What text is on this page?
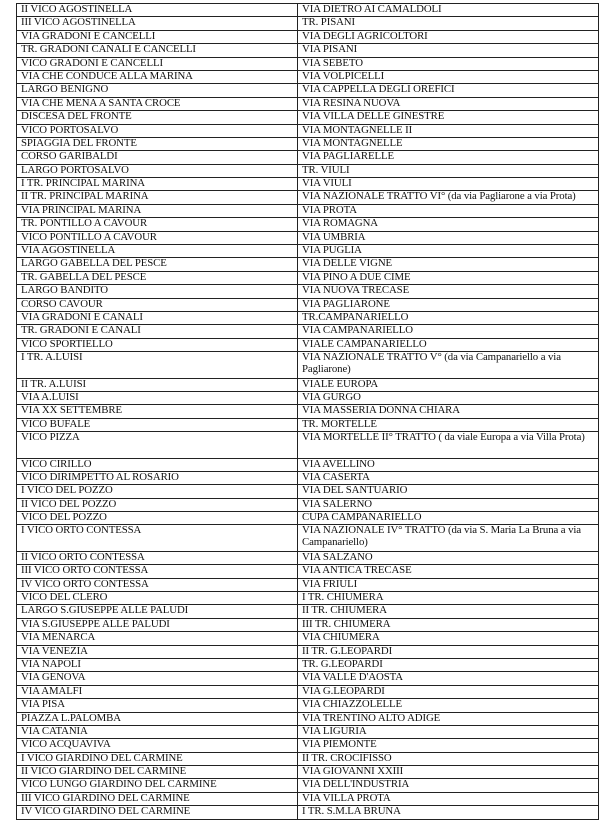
II VICO AGOSTINELLA	VIA DIETRO AI CAMALDOLI
III VICO AGOSTINELLA	TR. PISANI
VIA GRADONI E CANCELLI	VIA DEGLI AGRICOLTORI
TR. GRADONI CANALI E CANCELLI	VIA PISANI
VICO GRADONI E CANCELLI	VIA SEBETO
VIA CHE CONDUCE ALLA MARINA	VIA VOLPICELLI
LARGO BENIGNO	VIA CAPPELLA DEGLI OREFICI
VIA CHE MENA A SANTA CROCE	VIA RESINA NUOVA
DISCESA DEL FRONTE	VIA VILLA DELLE GINESTRE
VICO PORTOSALVO	VIA MONTAGNELLE II
SPIAGGIA DEL FRONTE	VIA MONTAGNELLE
CORSO GARIBALDI	VIA PAGLIARELLE
LARGO PORTOSALVO	TR. VIULI
I TR. PRINCIPAL MARINA	VIA VIULI
II TR. PRINCIPAL MARINA	VIA NAZIONALE TRATTO VI° (da via Pagliarone a via Prota)
VIA PRINCIPAL MARINA	VIA PROTA
TR. PONTILLO A CAVOUR	VIA ROMAGNA
VICO PONTILLO A CAVOUR	VIA UMBRIA
VIA AGOSTINELLA	VIA PUGLIA
LARGO GABELLA DEL PESCE	VIA DELLE VIGNE
TR. GABELLA DEL PESCE	VIA PINO A DUE CIME
LARGO BANDITO	VIA NUOVA TRECASE
CORSO CAVOUR	VIA PAGLIARONE
VIA GRADONI E CANALI	TR.CAMPANARIELLO
TR. GRADONI E CANALI	VIA CAMPANARIELLO
VICO SPORTIELLO	VIALE CAMPANARIELLO
I TR. A.LUISI	VIA NAZIONALE TRATTO V° (da via Campanariello a via Pagliarone)
II TR. A.LUISI	VIALE EUROPA
VIA A.LUISI	VIA GURGO
VIA XX SETTEMBRE	VIA MASSERIA DONNA CHIARA
VICO BUFALE	TR. MORTELLE
VICO PIZZA	VIA MORTELLE II° TRATTO ( da viale Europa a via Villa Prota)
VICO CIRILLO	VIA AVELLINO
VICO DIRIMPETTO AL ROSARIO	VIA CASERTA
I VICO DEL POZZO	VIA DEL SANTUARIO
II VICO DEL POZZO	VIA SALERNO
VICO DEL POZZO	CUPA CAMPANARIELLO
I VICO ORTO CONTESSA	VIA NAZIONALE IV° TRATTO (da via S. Maria La Bruna a via Campanariello)
II VICO ORTO CONTESSA	VIA SALZANO
III VICO ORTO CONTESSA	VIA ANTICA TRECASE
IV VICO ORTO CONTESSA	VIA FRIULI
VICO DEL CLERO	I TR. CHIUMERA
LARGO S.GIUSEPPE ALLE PALUDI	II TR. CHIUMERA
VIA S.GIUSEPPE ALLE PALUDI	III TR. CHIUMERA
VIA MENARCA	VIA CHIUMERA
VIA VENEZIA	II TR. G.LEOPARDI
VIA NAPOLI	TR. G.LEOPARDI
VIA GENOVA	VIA VALLE D'AOSTA
VIA AMALFI	VIA G.LEOPARDI
VIA PISA	VIA CHIAZZOLELLE
PIAZZA L.PALOMBA	VIA TRENTINO ALTO ADIGE
VIA CATANIA	VIA LIGURIA
VICO ACQUAVIVA	VIA PIEMONTE
I VICO GIARDINO DEL CARMINE	II TR. CROCIFISSO
II VICO GIARDINO DEL CARMINE	VIA GIOVANNI XXIII
VICO LUNGO GIARDINO DEL CARMINE	VIA DELL'INDUSTRIA
III VICO GIARDINO DEL CARMINE	VIA VILLA PROTA
IV VICO GIARDINO DEL CARMINE	I TR. S.M.LA BRUNA
